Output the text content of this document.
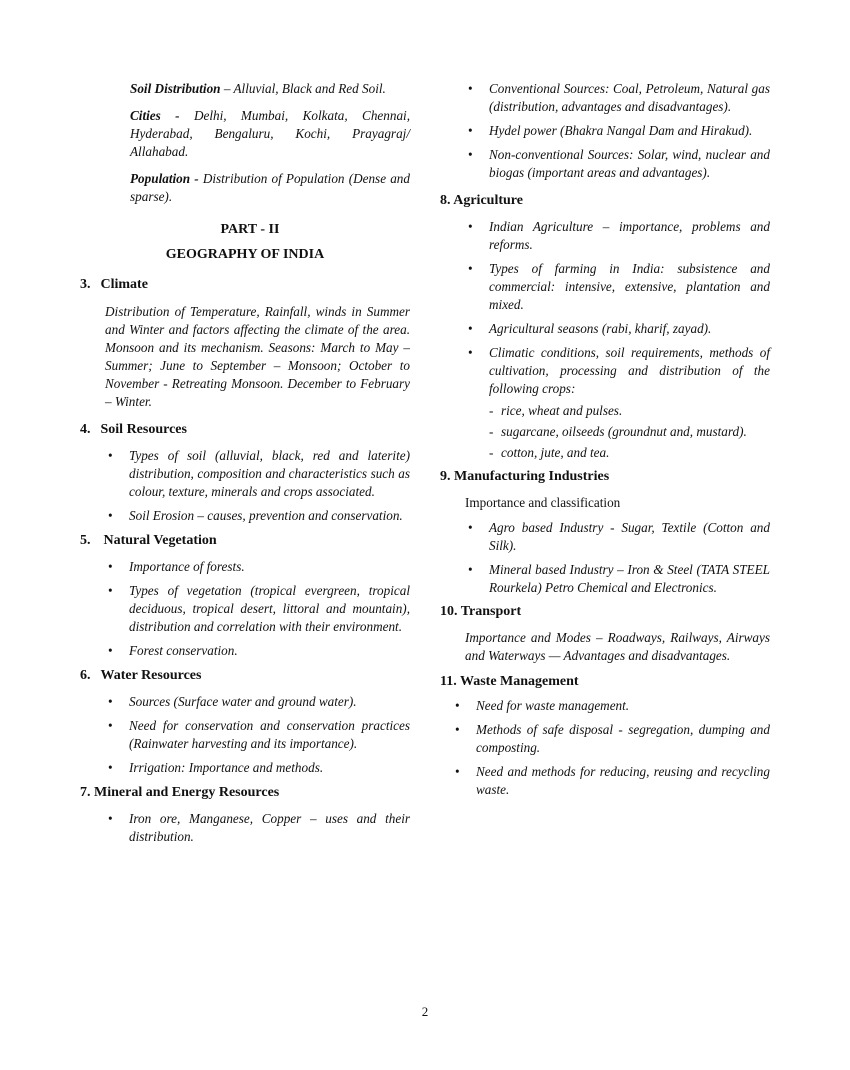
Soil Distribution – Alluvial, Black and Red Soil.

Cities - Delhi, Mumbai, Kolkata, Chennai, Hyderabad, Bengaluru, Kochi, Prayagraj/ Allahabad.

Population - Distribution of Population (Dense and sparse).

PART - II
GEOGRAPHY OF INDIA
3. Climate

Distribution of Temperature, Rainfall, winds in Summer and Winter and factors affecting the climate of the area. Monsoon and its mechanism. Seasons: March to May – Summer; June to September – Monsoon; October to November - Retreating Monsoon. December to February – Winter.

4. Soil Resources
• Types of soil (alluvial, black, red and laterite) distribution, composition and characteristics such as colour, texture, minerals and crops associated.
• Soil Erosion – causes, prevention and conservation.
5. Natural Vegetation
• Importance of forests.
• Types of vegetation (tropical evergreen, tropical deciduous, tropical desert, littoral and mountain), distribution and correlation with their environment.
• Forest conservation.
6. Water Resources
• Sources (Surface water and ground water).
• Need for conservation and conservation practices (Rainwater harvesting and its importance).
• Irrigation: Importance and methods.
7. Mineral and Energy Resources
• Iron ore, Manganese, Copper – uses and their distribution.
• Conventional Sources: Coal, Petroleum, Natural gas (distribution, advantages and disadvantages).
• Hydel power (Bhakra Nangal Dam and Hirakud).
• Non-conventional Sources: Solar, wind, nuclear and biogas (important areas and advantages).
8. Agriculture
• Indian Agriculture – importance, problems and reforms.
• Types of farming in India: subsistence and commercial: intensive, extensive, plantation and mixed.
• Agricultural seasons (rabi, kharif, zayad).
• Climatic conditions, soil requirements, methods of cultivation, processing and distribution of the following crops:
- rice, wheat and pulses.
- sugarcane, oilseeds (groundnut and, mustard).
- cotton, jute, and tea.
9. Manufacturing Industries

Importance and classification

• Agro based Industry - Sugar, Textile (Cotton and Silk).
• Mineral based Industry – Iron & Steel (TATA STEEL Rourkela) Petro Chemical and Electronics.
10. Transport

Importance and Modes – Roadways, Railways, Airways and Waterways — Advantages and disadvantages.

11. Waste Management
• Need for waste management.
• Methods of safe disposal - segregation, dumping and composting.
• Need and methods for reducing, reusing and recycling waste.
2
